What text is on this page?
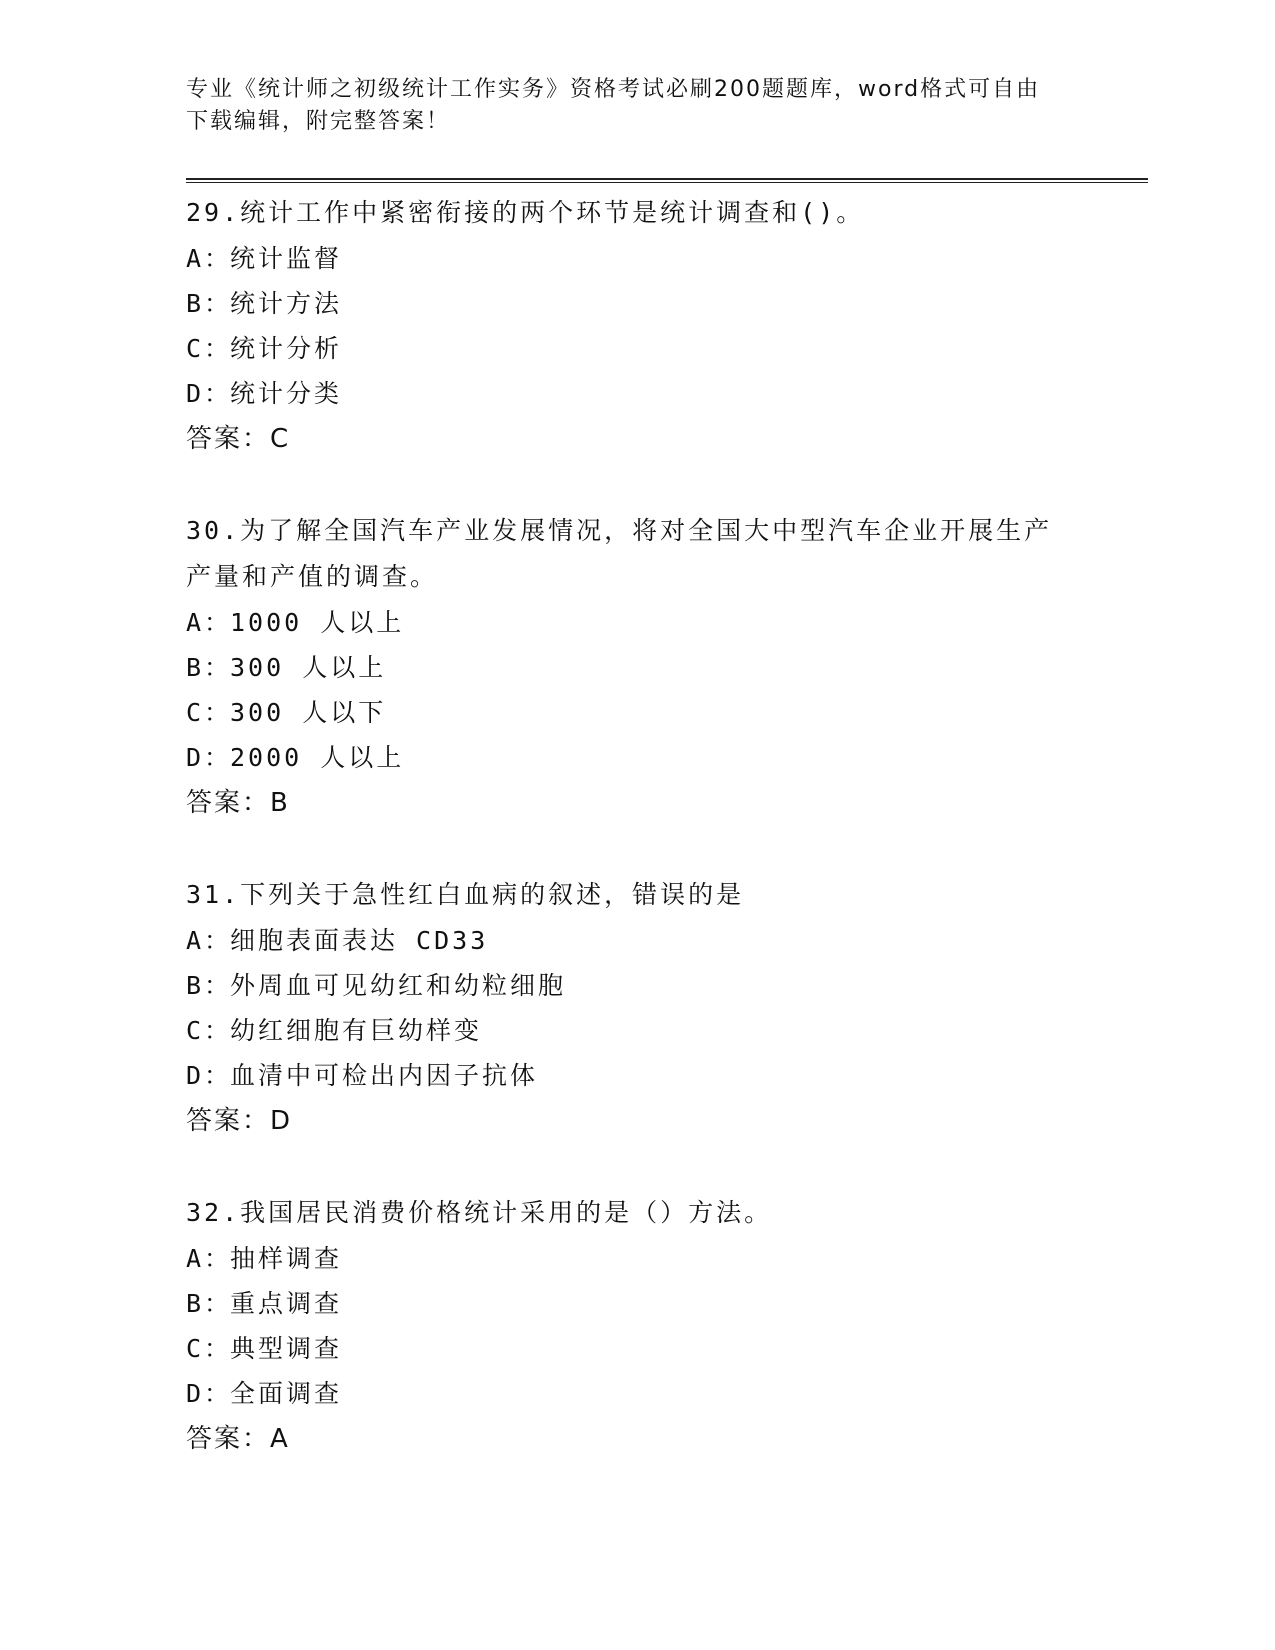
专业《统计师之初级统计工作实务》资格考试必刷200题题库，word格式可自由
下载编辑，附完整答案！

29.统计工作中紧密衔接的两个环节是统计调查和()。

A：
统计监督
B：
统计方法
C：
统计分析
D：
统计分类
答案：C

30.为了解全国汽车产业发展情况，将对全国大中型汽车企业开展生产

产量和产值的调查。

A：
1000 人以上
B：
300 人以上
C：
300 人以下
D：
2000 人以上
答案：B

31.下列关于急性红白血病的叙述，错误的是

A：
细胞表面表达 CD33
B：
外周血可见幼红和幼粒细胞
C：
幼红细胞有巨幼样变
D：
血清中可检出内因子抗体
答案：D

32.我国居民消费价格统计采用的是（）方法。

A：
抽样调查
B：
重点调查
C：
典型调查
D：
全面调查
答案：A
